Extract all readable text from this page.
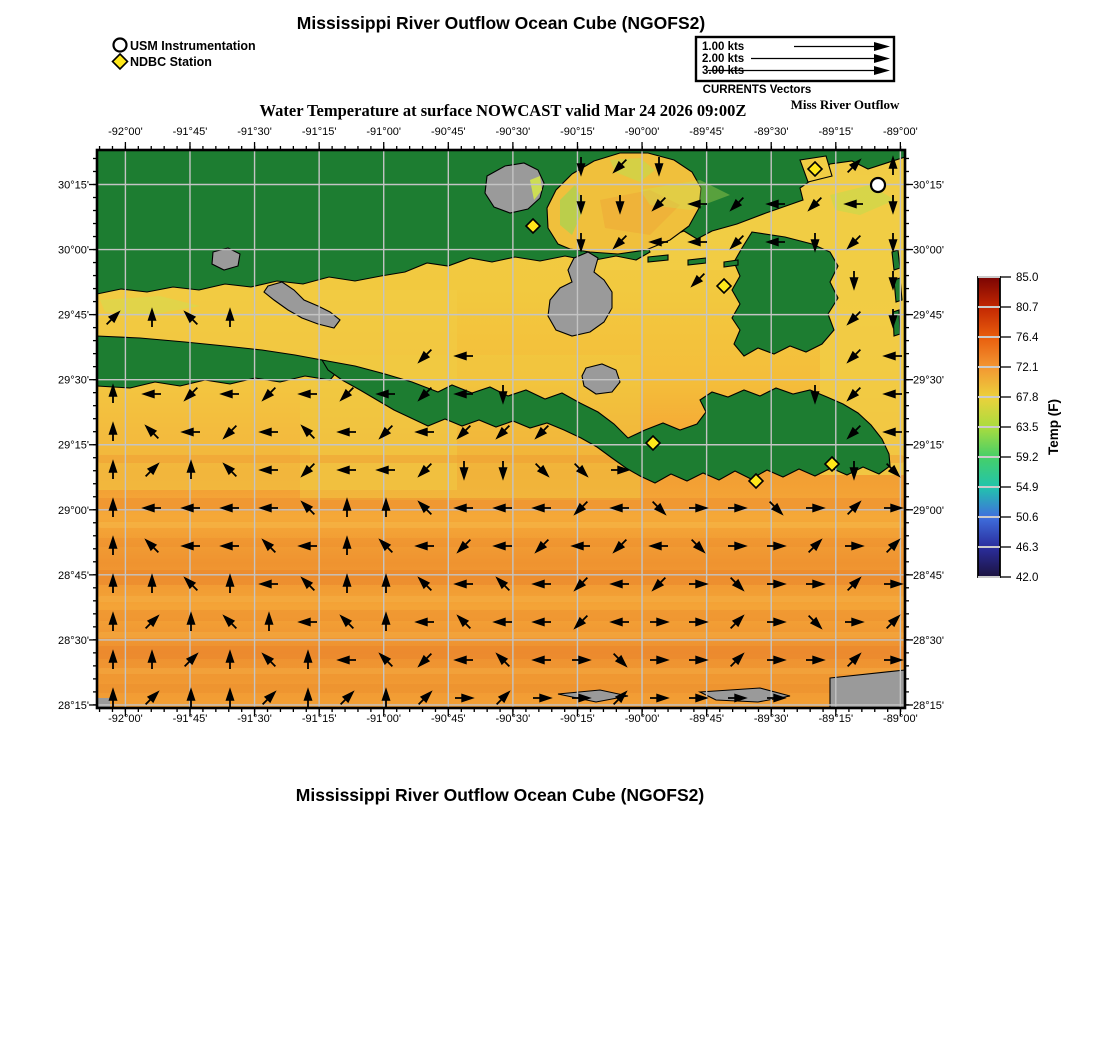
Mississippi River Outflow Ocean Cube (NGOFS2)
Water Temperature at surface NOWCAST valid Mar 24 2026 09:00Z	Miss River Outflow
Mississippi River Outflow Ocean Cube (NGOFS2)
USM Instrumentation
NDBC Station
1.00 kts
2.00 kts
3.00 kts
CURRENTS Vectors
-92°00'
-92°00'
-91°45'
-91°45'
-91°30'
-91°30'
-91°15'
-91°15'
-91°00'
-91°00'
-90°45'
-90°45'
-90°30'
-90°30'
-90°15'
-90°15'
-90°00'
-90°00'
-89°45'
-89°45'
-89°30'
-89°30'
-89°15'
-89°15'
-89°00'
-89°00'
30°15'	30°15'
30°00'	30°00'
29°45'	29°45'
29°30'	29°30'
29°15'	29°15'
29°00'	29°00'
28°45'	28°45'
28°30'	28°30'
28°15'	28°15'
85.0
80.7
76.4
72.1
67.8
63.5
59.2
54.9
50.6
46.3
42.0
Temp (F)
